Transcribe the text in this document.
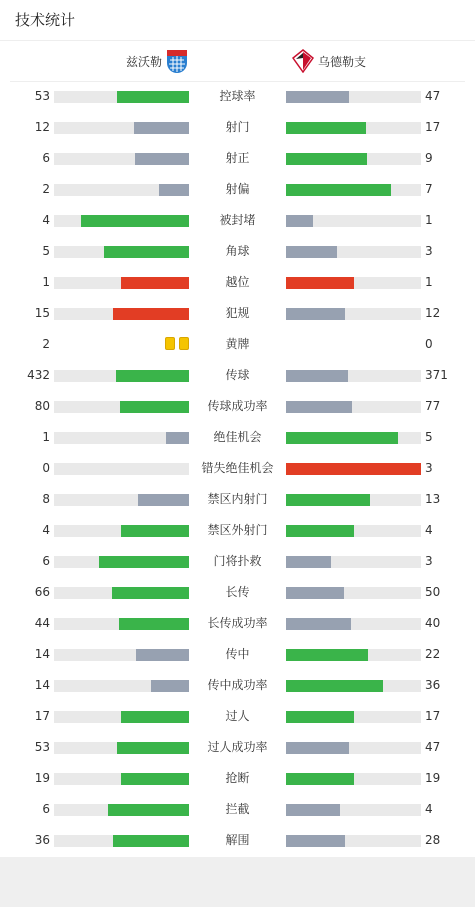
技术统计
兹沃勒	乌德勒支
53	控球率	47
12	射门	17
6	射正	9
2	射偏	7
4	被封堵	1
5	角球	3
1	越位	1
15	犯规	12
2	黄牌	0
432	传球	371
80	传球成功率	77
1	绝佳机会	5
0	错失绝佳机会	3
8	禁区内射门	13
4	禁区外射门	4
6	门将扑救	3
66	长传	50
44	长传成功率	40
14	传中	22
14	传中成功率	36
17	过人	17
53	过人成功率	47
19	抢断	19
6	拦截	4
36	解围	28
